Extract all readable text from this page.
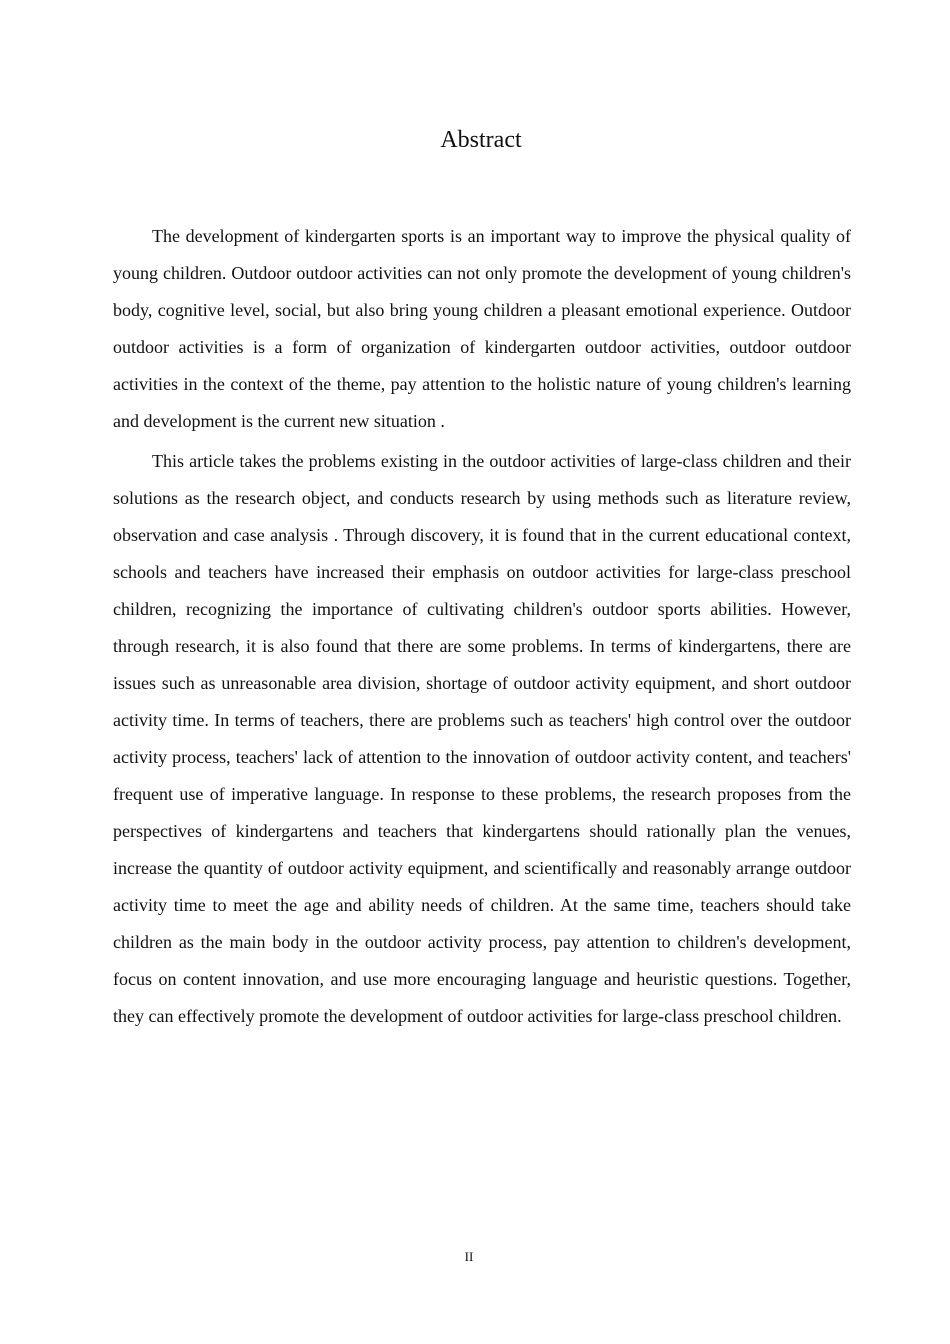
Abstract

The development of kindergarten sports is an important way to improve the physical quality of young children. Outdoor outdoor activities can not only promote the development of young children's body, cognitive level, social, but also bring young children a pleasant emotional experience. Outdoor outdoor activities is a form of organization of kindergarten outdoor activities, outdoor outdoor activities in the context of the theme, pay attention to the holistic nature of young children's learning and development is the current new situation .

This article takes the problems existing in the outdoor activities of large-class children and their solutions as the research object, and conducts research by using methods such as literature review, observation and case analysis . Through discovery, it is found that in the current educational context, schools and teachers have increased their emphasis on outdoor activities for large-class preschool children, recognizing the importance of cultivating children's outdoor sports abilities. However, through research, it is also found that there are some problems. In terms of kindergartens, there are issues such as unreasonable area division, shortage of outdoor activity equipment, and short outdoor activity time. In terms of teachers, there are problems such as teachers' high control over the outdoor activity process, teachers' lack of attention to the innovation of outdoor activity content, and teachers' frequent use of imperative language. In response to these problems, the research proposes from the perspectives of kindergartens and teachers that kindergartens should rationally plan the venues, increase the quantity of outdoor activity equipment, and scientifically and reasonably arrange outdoor activity time to meet the age and ability needs of children. At the same time, teachers should take children as the main body in the outdoor activity process, pay attention to children's development, focus on content innovation, and use more encouraging language and heuristic questions. Together, they can effectively promote the development of outdoor activities for large-class preschool children.

II
